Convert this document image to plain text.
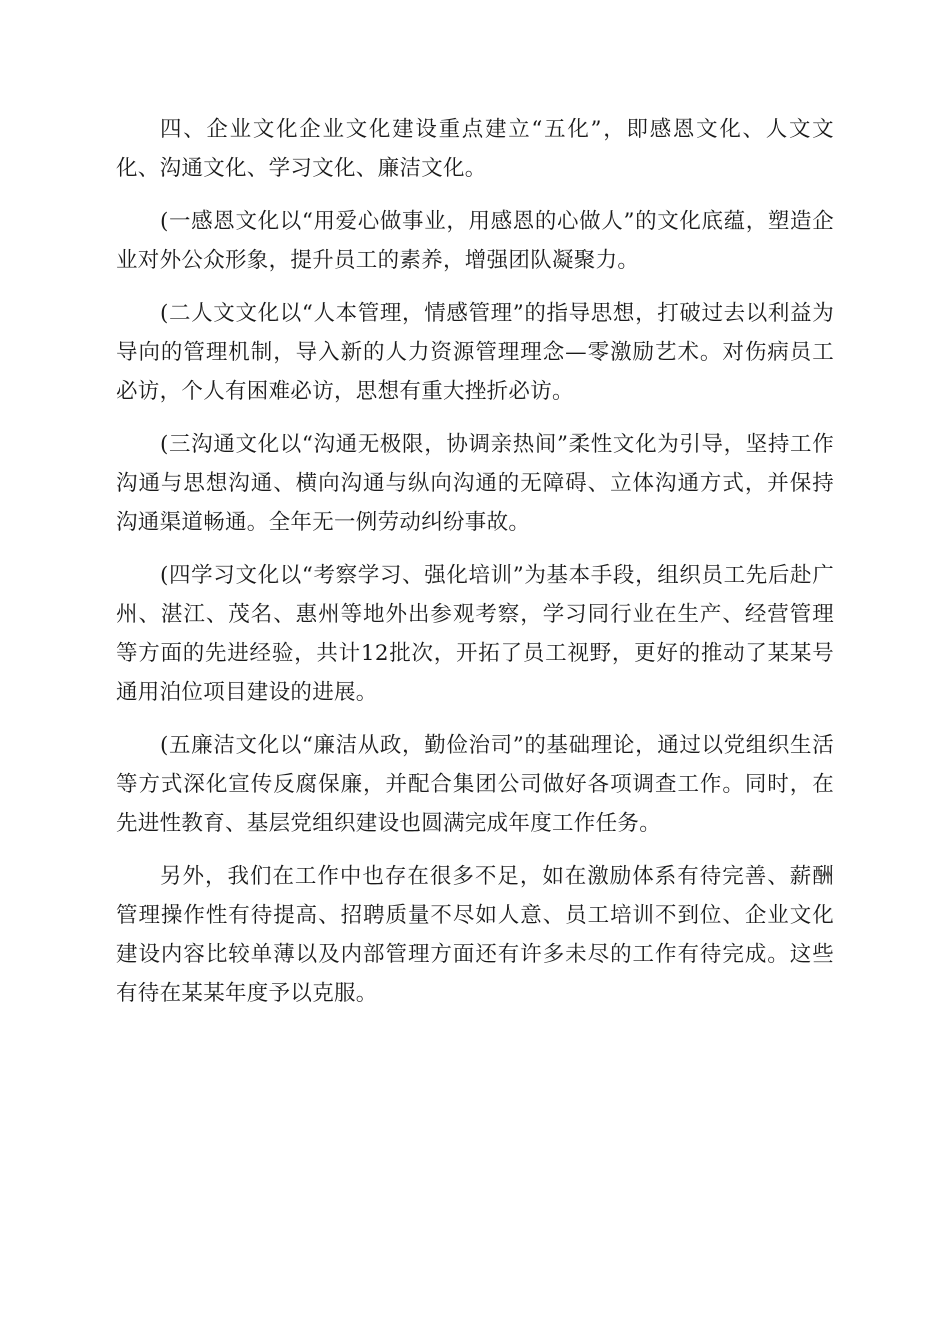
四、企业文化企业文化建设重点建立“五化”，即感恩文化、人文文化、沟通文化、学习文化、廉洁文化。

(一感恩文化以“用爱心做事业，用感恩的心做人”的文化底蕴，塑造企业对外公众形象，提升员工的素养，增强团队凝聚力。

(二人文文化以“人本管理，情感管理”的指导思想，打破过去以利益为导向的管理机制，导入新的人力资源管理理念—零激励艺术。对伤病员工必访，个人有困难必访，思想有重大挫折必访。

(三沟通文化以“沟通无极限，协调亲热间”柔性文化为引导，坚持工作沟通与思想沟通、横向沟通与纵向沟通的无障碍、立体沟通方式，并保持沟通渠道畅通。全年无一例劳动纠纷事故。

(四学习文化以“考察学习、强化培训”为基本手段，组织员工先后赴广州、湛江、茂名、惠州等地外出参观考察，学习同行业在生产、经营管理等方面的先进经验，共计12批次，开拓了员工视野，更好的推动了某某号通用泊位项目建设的进展。

(五廉洁文化以“廉洁从政，勤俭治司”的基础理论，通过以党组织生活等方式深化宣传反腐保廉，并配合集团公司做好各项调查工作。同时，在先进性教育、基层党组织建设也圆满完成年度工作任务。

另外，我们在工作中也存在很多不足，如在激励体系有待完善、薪酬管理操作性有待提高、招聘质量不尽如人意、员工培训不到位、企业文化建设内容比较单薄以及内部管理方面还有许多未尽的工作有待完成。这些有待在某某年度予以克服。
